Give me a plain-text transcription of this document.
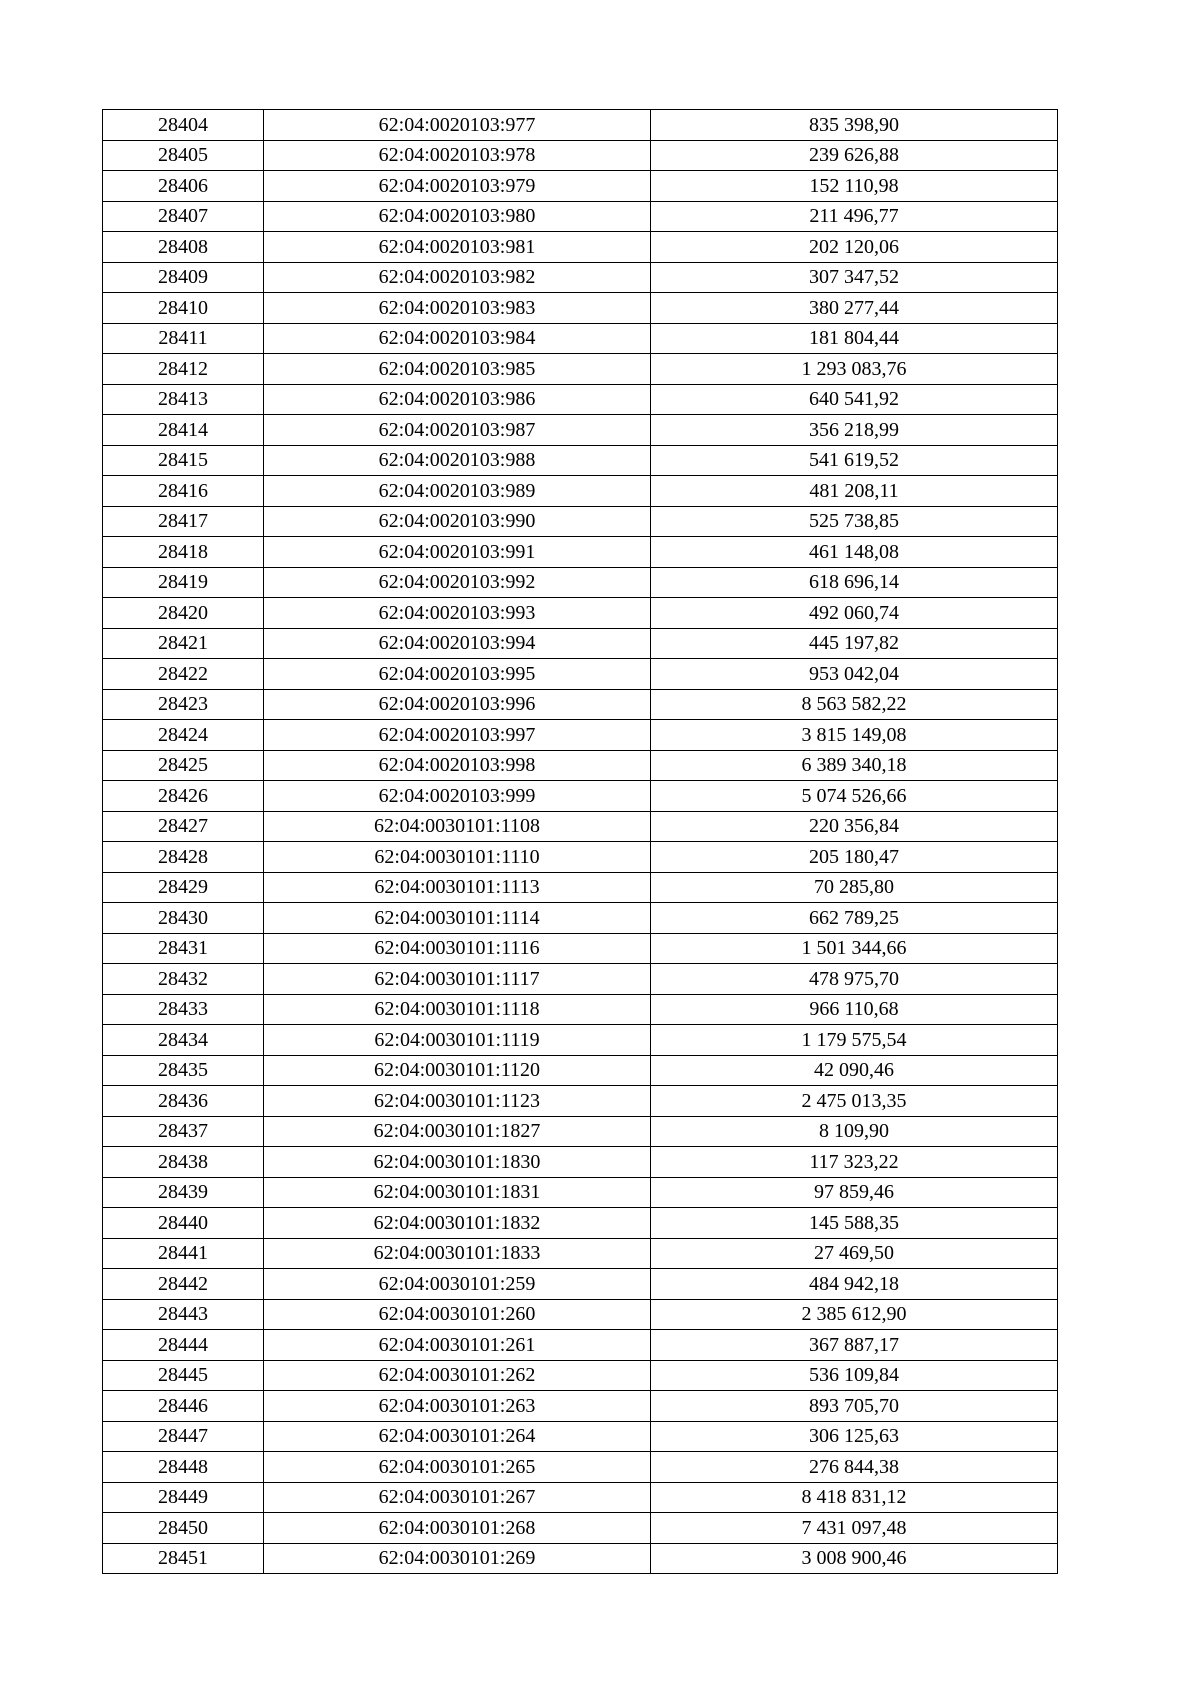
28404	62:04:0020103:977	835 398,90
28405	62:04:0020103:978	239 626,88
28406	62:04:0020103:979	152 110,98
28407	62:04:0020103:980	211 496,77
28408	62:04:0020103:981	202 120,06
28409	62:04:0020103:982	307 347,52
28410	62:04:0020103:983	380 277,44
28411	62:04:0020103:984	181 804,44
28412	62:04:0020103:985	1 293 083,76
28413	62:04:0020103:986	640 541,92
28414	62:04:0020103:987	356 218,99
28415	62:04:0020103:988	541 619,52
28416	62:04:0020103:989	481 208,11
28417	62:04:0020103:990	525 738,85
28418	62:04:0020103:991	461 148,08
28419	62:04:0020103:992	618 696,14
28420	62:04:0020103:993	492 060,74
28421	62:04:0020103:994	445 197,82
28422	62:04:0020103:995	953 042,04
28423	62:04:0020103:996	8 563 582,22
28424	62:04:0020103:997	3 815 149,08
28425	62:04:0020103:998	6 389 340,18
28426	62:04:0020103:999	5 074 526,66
28427	62:04:0030101:1108	220 356,84
28428	62:04:0030101:1110	205 180,47
28429	62:04:0030101:1113	70 285,80
28430	62:04:0030101:1114	662 789,25
28431	62:04:0030101:1116	1 501 344,66
28432	62:04:0030101:1117	478 975,70
28433	62:04:0030101:1118	966 110,68
28434	62:04:0030101:1119	1 179 575,54
28435	62:04:0030101:1120	42 090,46
28436	62:04:0030101:1123	2 475 013,35
28437	62:04:0030101:1827	8 109,90
28438	62:04:0030101:1830	117 323,22
28439	62:04:0030101:1831	97 859,46
28440	62:04:0030101:1832	145 588,35
28441	62:04:0030101:1833	27 469,50
28442	62:04:0030101:259	484 942,18
28443	62:04:0030101:260	2 385 612,90
28444	62:04:0030101:261	367 887,17
28445	62:04:0030101:262	536 109,84
28446	62:04:0030101:263	893 705,70
28447	62:04:0030101:264	306 125,63
28448	62:04:0030101:265	276 844,38
28449	62:04:0030101:267	8 418 831,12
28450	62:04:0030101:268	7 431 097,48
28451	62:04:0030101:269	3 008 900,46
